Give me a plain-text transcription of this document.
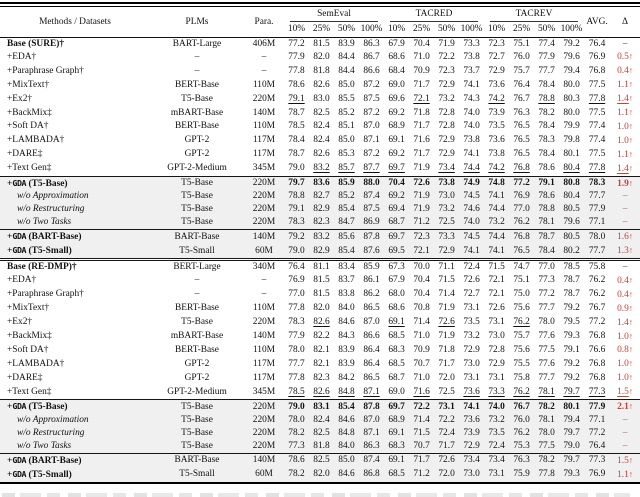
Methods / Datasets	PLMs	Para.	SemEval				TACRED				TACREV				AVG.	Δ
			10%	25%	50%	100%	10%	25%	50%	100%	10%	25%	50%	100%		
Base (SURE)†	BART-Large	406M	77.2	81.5	83.9	86.3	67.9	70.4	71.9	73.3	72.3	75.1	77.4	79.2	76.4	–
+EDA†	–	–	77.9	82.0	84.4	86.7	68.6	71.0	72.2	73.8	72.7	76.0	77.9	79.6	76.9	0.5↑
+Paraphrase Graph†	–	–	77.8	81.8	84.4	86.6	68.4	70.9	72.3	73.7	72.9	75.7	77.7	79.4	76.8	0.4↑
+MixText†	BERT-Base	110M	78.6	82.6	85.0	87.2	69.0	71.7	72.9	74.1	73.6	76.4	78.4	80.0	77.5	1.1↑
+Ex2†	T5-Base	220M	79.1	83.0	85.5	87.5	69.6	72.1	73.2	74.3	74.2	76.7	78.8	80.3	77.8	1.4↑
+BackMix‡	mBART-Base	140M	78.7	82.5	85.2	87.2	69.2	71.8	72.8	74.0	73.9	76.3	78.2	80.0	77.5	1.1↑
+Soft DA†	BERT-Base	110M	78.5	82.4	85.1	87.0	68.9	71.7	72.8	74.0	73.5	76.5	78.4	79.9	77.4	1.0↑
+LAMBADA†	GPT-2	117M	78.4	82.4	85.0	87.1	69.1	71.6	72.9	73.8	73.6	76.5	78.3	79.8	77.4	1.0↑
+DARE‡	GPT-2	117M	78.7	82.6	85.3	87.2	69.2	71.7	72.9	74.1	73.8	76.5	78.4	80.1	77.5	1.1↑
+Text Gen‡	GPT-2-Medium	345M	79.0	83.2	85.7	87.7	69.7	71.9	73.4	74.4	74.2	76.8	78.6	80.4	77.8	1.4↑
+GDA (T5-Base)	T5-Base	220M	79.7	83.6	85.9	88.0	70.4	72.6	73.8	74.9	74.8	77.2	79.1	80.8	78.3	1.9↑
w/o Approximation	T5-Base	220M	78.8	82.7	85.2	87.4	69.2	71.9	73.0	74.5	74.1	76.9	78.6	80.4	77.7	–
w/o Restructuring	T5-Base	220M	79.1	82.9	85.4	87.5	69.4	71.9	73.2	74.6	74.4	77.0	78.8	80.5	77.9	–
w/o Two Tasks	T5-Base	220M	78.3	82.3	84.7	86.9	68.7	71.2	72.5	74.0	73.2	76.2	78.1	79.6	77.1	–
+GDA (BART-Base)	BART-Base	140M	79.2	83.2	85.6	87.8	69.7	72.3	73.3	74.5	74.4	76.8	78.7	80.5	78.0	1.6↑
+GDA (T5-Small)	T5-Small	60M	79.0	82.9	85.4	87.6	69.5	72.1	72.9	74.1	74.1	76.5	78.4	80.2	77.7	1.3↑
Base (RE-DMP)†	BERT-Large	340M	76.4	81.1	83.4	85.9	67.3	70.0	71.1	72.4	71.5	74.7	77.0	78.5	75.8	–
+EDA†	–	–	76.9	81.5	83.7	86.1	67.9	70.4	71.5	72.6	72.1	75.1	77.3	78.7	76.2	0.4↑
+Paraphrase Graph†	–	–	77.0	81.5	83.8	86.2	68.0	70.4	71.4	72.7	72.1	75.0	77.2	78.7	76.2	0.4↑
+MixText†	BERT-Base	110M	77.8	82.0	84.0	86.5	68.6	70.8	71.9	73.1	72.6	75.6	77.7	79.2	76.7	0.9↑
+Ex2†	T5-Base	220M	78.3	82.6	84.6	87.0	69.1	71.4	72.6	73.5	73.1	76.2	78.0	79.5	77.2	1.4↑
+BackMix‡	mBART-Base	140M	77.9	82.2	84.3	86.6	68.5	71.0	71.9	73.2	73.0	75.7	77.6	79.3	76.8	1.0↑
+Soft DA†	BERT-Base	110M	78.0	82.1	83.9	86.4	68.3	70.9	71.8	72.9	72.8	75.6	77.5	79.1	76.6	0.8↑
+LAMBADA†	GPT-2	117M	77.7	82.1	83.9	86.4	68.5	70.7	71.7	73.0	72.9	75.5	77.6	79.2	76.8	1.0↑
+DARE‡	GPT-2	117M	77.8	82.3	84.2	86.5	68.7	71.0	72.0	73.1	73.1	75.8	77.7	79.2	76.8	1.0↑
+Text Gen‡	GPT-2-Medium	345M	78.5	82.6	84.8	87.1	69.0	71.6	72.5	73.6	73.3	76.2	78.1	79.7	77.3	1.5↑
+GDA (T5-Base)	T5-Base	220M	79.0	83.1	85.4	87.8	69.7	72.2	73.1	74.1	74.0	76.7	78.2	80.1	77.9	2.1↑
w/o Approximation	T5-Base	220M	78.0	82.4	84.6	87.0	68.9	71.4	72.2	73.6	73.2	76.0	78.1	79.4	77.1	–
w/o Restructuring	T5-Base	220M	78.2	82.5	84.8	87.1	69.1	71.5	72.4	73.9	73.5	76.2	78.0	79.7	77.2	–
w/o Two Tasks	T5-Base	220M	77.3	81.8	84.0	86.3	68.3	70.7	71.7	72.9	72.4	75.3	77.5	79.0	76.4	–
+GDA (BART-Base)	BART-Base	140M	78.6	82.5	85.0	87.4	69.1	71.7	72.6	73.4	73.4	76.3	78.2	79.7	77.3	1.5↑
+GDA (T5-Small)	T5-Small	60M	78.2	82.0	84.6	86.8	68.5	71.2	72.0	73.0	73.1	75.9	77.8	79.3	76.9	1.1↑
